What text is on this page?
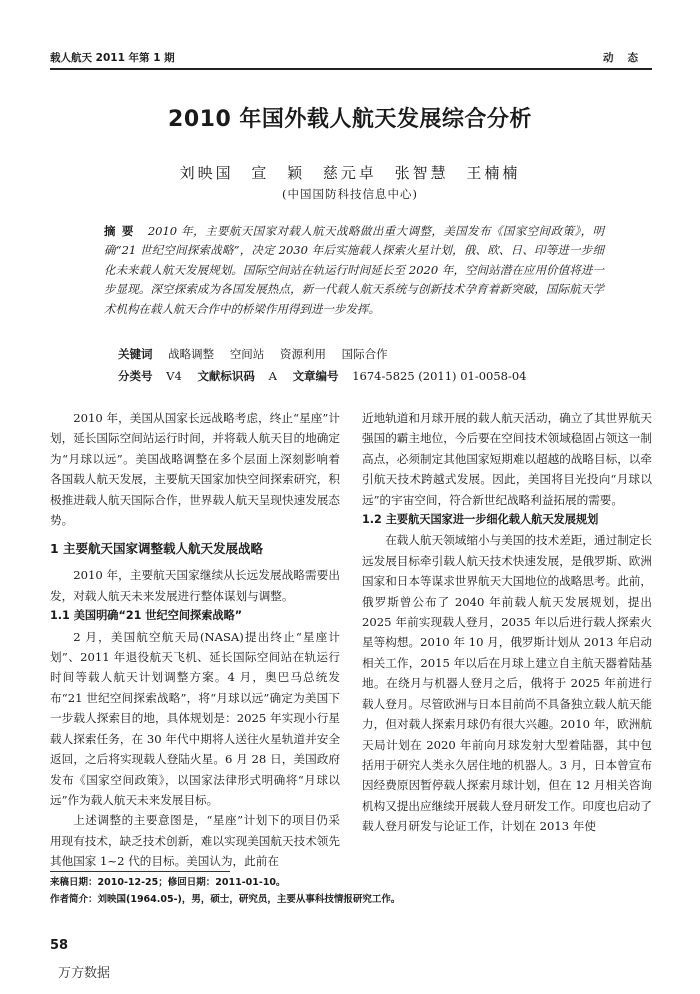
载人航天 2011 年第 1 期	动态
2010 年国外载人航天发展综合分析
刘映国 宣 颖 慈元卓 张智慧 王楠楠
(中国国防科技信息中心)
摘要 2010 年，主要航天国家对载人航天战略做出重大调整，美国发布《国家空间政策》，明确“21 世纪空间探索战略”，决定 2030 年后实施载人探索火星计划，俄、欧、日、印等进一步细化未来载人航天发展规划。国际空间站在轨运行时间延长至 2020 年，空间站潜在应用价值将进一步显现。深空探索成为各国发展热点，新一代载人航天系统与创新技术孕育着新突破，国际航天学术机构在载人航天合作中的桥梁作用得到进一步发挥。
关键词 战略调整 空间站 资源利用 国际合作
分类号 V4 文献标识码 A 文章编号 1674-5825 (2011) 01-0058-04

2010 年，美国从国家长远战略考虑，终止“星座”计划，延长国际空间站运行时间，并将载人航天目的地确定为“月球以远”。美国战略调整在多个层面上深刻影响着各国载人航天发展，主要航天国家加快空间探索研究，积极推进载人航天国际合作，世界载人航天呈现快速发展态势。

1 主要航天国家调整载人航天发展战略

2010 年，主要航天国家继续从长远发展战略需要出发，对载人航天未来发展进行整体谋划与调整。

1.1 美国明确“21 世纪空间探索战略”

2 月，美国航空航天局(NASA)提出终止“星座计划”、2011 年退役航天飞机、延长国际空间站在轨运行时间等载人航天计划调整方案。4 月，奥巴马总统发布“21 世纪空间探索战略”，将“月球以远”确定为美国下一步载人探索目的地，具体规划是：2025 年实现小行星载人探索任务，在 30 年代中期将人送往火星轨道并安全返回，之后将实现载人登陆火星。6 月 28 日，美国政府发布《国家空间政策》，以国家法律形式明确将“月球以远”作为载人航天未来发展目标。

上述调整的主要意图是，“星座”计划下的项目仍采用现有技术，缺乏技术创新，难以实现美国航天技术领先其他国家 1~2 代的目标。美国认为，此前在

近地轨道和月球开展的载人航天活动，确立了其世界航天强国的霸主地位，今后要在空间技术领域稳固占领这一制高点，必须制定其他国家短期难以超越的战略目标，以牵引航天技术跨越式发展。因此，美国将目光投向“月球以远”的宇宙空间，符合新世纪战略利益拓展的需要。

1.2 主要航天国家进一步细化载人航天发展规划

在载人航天领域缩小与美国的技术差距，通过制定长远发展目标牵引载人航天技术快速发展，是俄罗斯、欧洲国家和日本等谋求世界航天大国地位的战略思考。此前，俄罗斯曾公布了 2040 年前载人航天发展规划，提出 2025 年前实现载人登月，2035 年以后进行载人探索火星等构想。2010 年 10 月，俄罗斯计划从 2013 年启动相关工作，2015 年以后在月球上建立自主航天器着陆基地。在绕月与机器人登月之后，俄将于 2025 年前进行载人登月。尽管欧洲与日本目前尚不具备独立载人航天能力，但对载人探索月球仍有很大兴趣。2010 年，欧洲航天局计划在 2020 年前向月球发射大型着陆器，其中包括用于研究人类永久居住地的机器人。3 月，日本曾宣布因经费原因暂停载人探索月球计划，但在 12 月相关咨询机构又提出应继续开展载人登月研发工作。印度也启动了载人登月研发与论证工作，计划在 2013 年使

来稿日期：2010-12-25；修回日期：2011-01-10。
作者简介：刘映国(1964.05-)，男，硕士，研究员，主要从事科技情报研究工作。
58
万方数据
